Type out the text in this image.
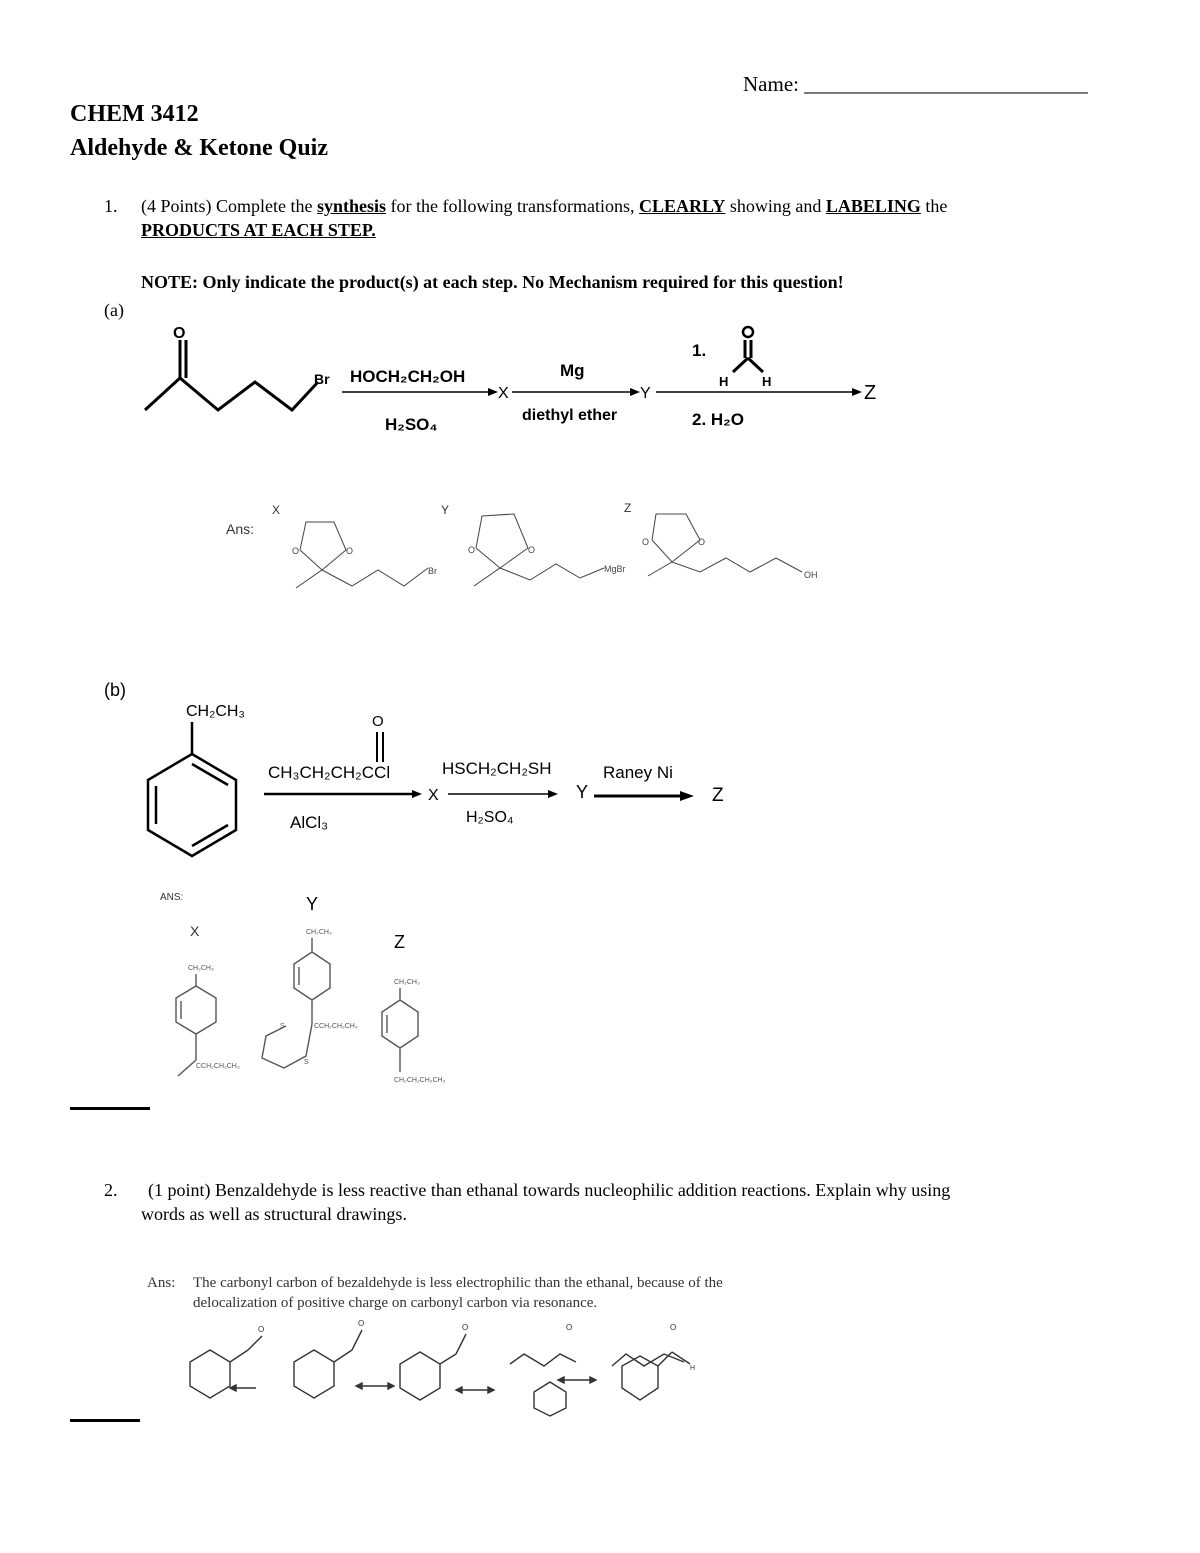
Name: ___________________________
CHEM 3412
Aldehyde & Ketone Quiz
1. (4 Points) Complete the synthesis for the following transformations, CLEARLY showing and LABELING the
PRODUCTS AT EACH STEP.
NOTE: Only indicate the product(s) at each step. No Mechanism required for this question!
(a)
O
Br HOCH₂CH₂OH
X
H₂SO₄
Mg
Y
diethyl ether
1.
H	H
Z
2. H₂O
Ans:
X	Y	Z
O	O
Br
O	O
MgBr
O	O
OH
(b)
CH₂CH₃
O
CH₃CH₂CH₂CCl
X
AlCl₃
HSCH₂CH₂SH
Y
H₂SO₄
Raney Ni
Z
ANS:
X
Y
Z
CH₂CH₃
CCH₂CH₂CH₃
CH₂CH₃
S
S
CCH₂CH₂CH₃
CH₂CH₃
CH₂CH₂CH₂CH₃
2. (1 point) Benzaldehyde is less reactive than ethanal towards nucleophilic addition reactions. Explain why using
words as well as structural drawings.
Ans: The carbonyl carbon of bezaldehyde is less electrophilic than the ethanal, because of the
delocalization of positive charge on carbonyl carbon via resonance.
O
O	O	O	O
H
